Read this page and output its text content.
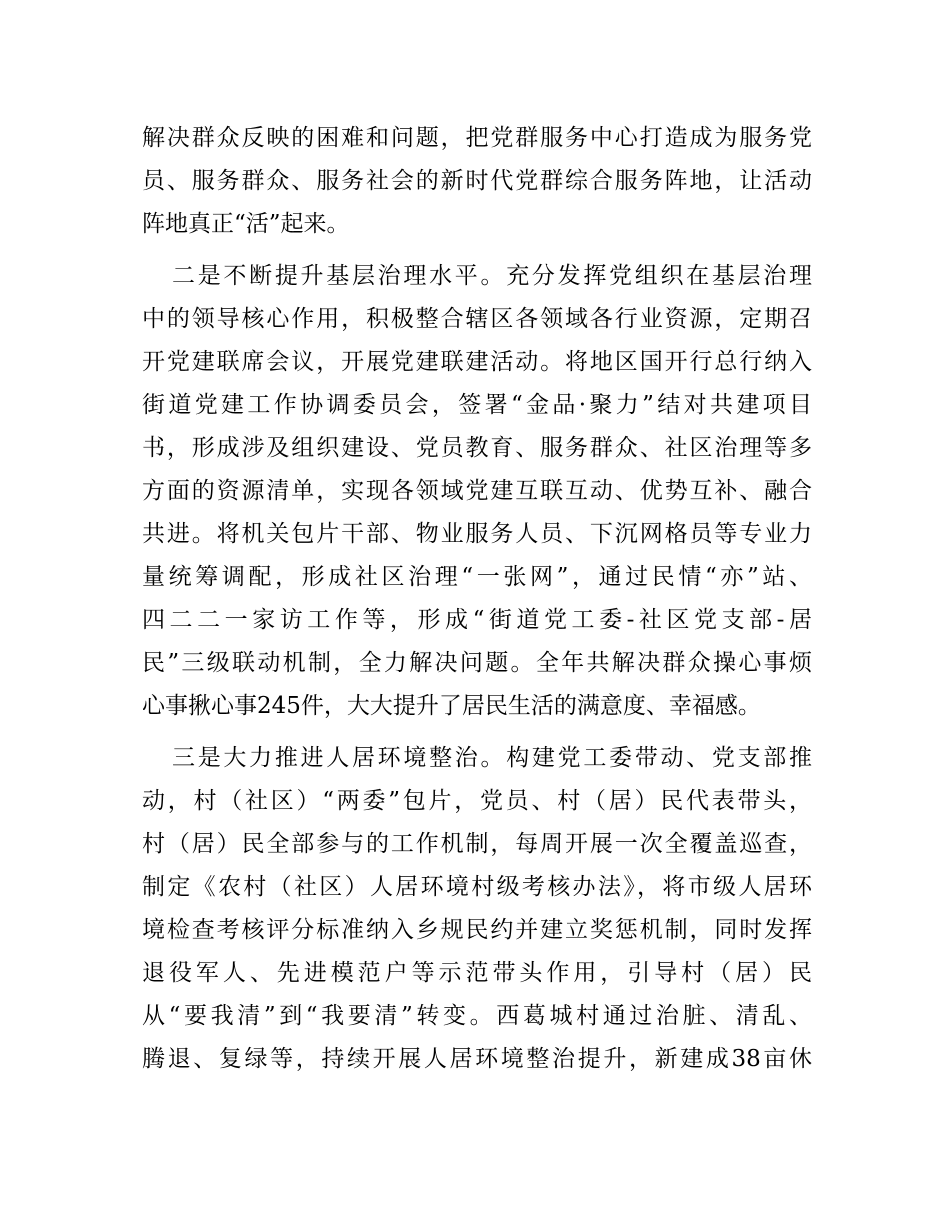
解决群众反映的困难和问题，把党群服务中心打造成为服务党
员、服务群众、服务社会的新时代党群综合服务阵地，让活动
阵地真正“活”起来。
二是不断提升基层治理水平。充分发挥党组织在基层治理
中的领导核心作用，积极整合辖区各领域各行业资源，定期召
开党建联席会议，开展党建联建活动。将地区国开行总行纳入
街道党建工作协调委员会，签署“金品·聚力”结对共建项目
书，形成涉及组织建设、党员教育、服务群众、社区治理等多
方面的资源清单，实现各领域党建互联互动、优势互补、融合
共进。将机关包片干部、物业服务人员、下沉网格员等专业力
量统筹调配，形成社区治理“一张网”，通过民情“亦”站、
四二二一家访工作等，形成“街道党工委-社区党支部-居
民”三级联动机制，全力解决问题。全年共解决群众操心事烦
心事揪心事245件，大大提升了居民生活的满意度、幸福感。
三是大力推进人居环境整治。构建党工委带动、党支部推
动，村（社区）“两委”包片，党员、村（居）民代表带头，
村（居）民全部参与的工作机制，每周开展一次全覆盖巡查，
制定《农村（社区）人居环境村级考核办法》，将市级人居环
境检查考核评分标准纳入乡规民约并建立奖惩机制，同时发挥
退役军人、先进模范户等示范带头作用，引导村（居）民
从“要我清”到“我要清”转变。西葛城村通过治脏、清乱、
腾退、复绿等，持续开展人居环境整治提升，新建成38亩休
